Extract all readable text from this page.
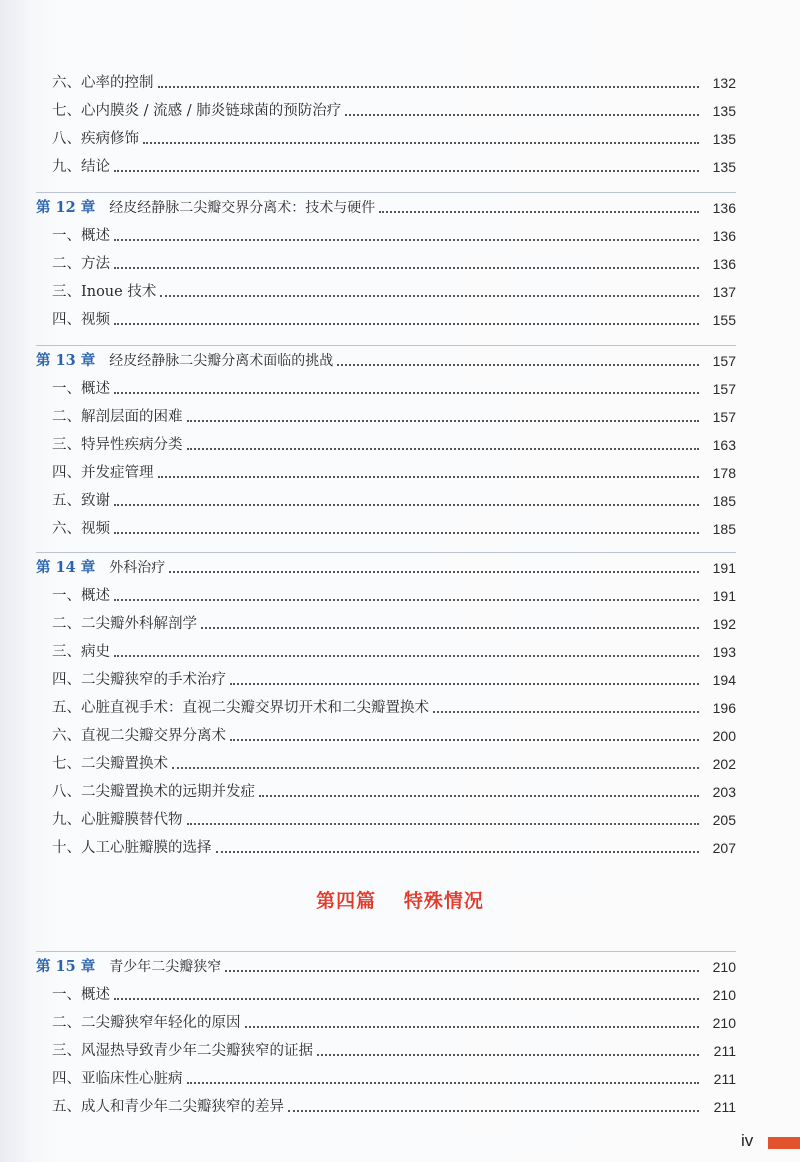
六、心率的控制	132
七、心内膜炎 / 流感 / 肺炎链球菌的预防治疗	135
八、疾病修饰	135
九、结论	135
第 12 章 经皮经静脉二尖瓣交界分离术：技术与硬件	136
一、概述	136
二、方法	136
三、Inoue 技术	137
四、视频	155
第 13 章 经皮经静脉二尖瓣分离术面临的挑战	157
一、概述	157
二、解剖层面的困难	157
三、特异性疾病分类	163
四、并发症管理	178
五、致谢	185
六、视频	185
第 14 章 外科治疗	191
一、概述	191
二、二尖瓣外科解剖学	192
三、病史	193
四、二尖瓣狭窄的手术治疗	194
五、心脏直视手术：直视二尖瓣交界切开术和二尖瓣置换术	196
六、直视二尖瓣交界分离术	200
七、二尖瓣置换术	202
八、二尖瓣置换术的远期并发症	203
九、心脏瓣膜替代物	205
十、人工心脏瓣膜的选择	207
第 15 章 青少年二尖瓣狭窄	210
一、概述	210
二、二尖瓣狭窄年轻化的原因	210
三、风湿热导致青少年二尖瓣狭窄的证据	211
四、亚临床性心脏病	211
五、成人和青少年二尖瓣狭窄的差异	211
第四篇 特殊情况
iv
